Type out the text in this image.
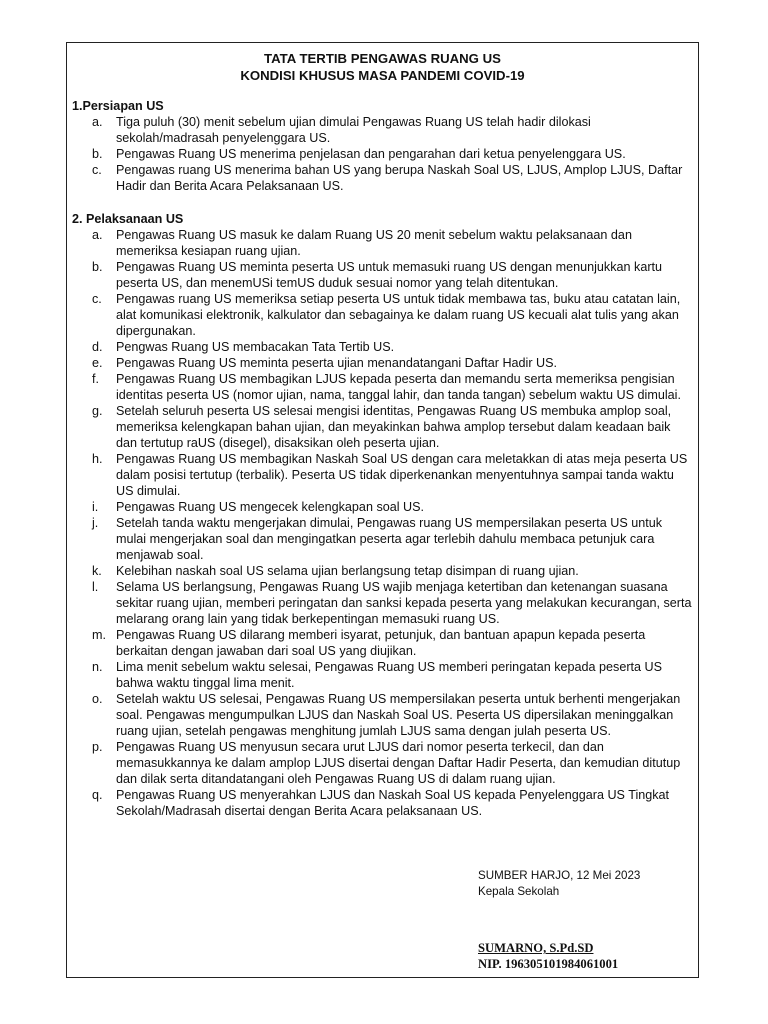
TATA TERTIB PENGAWAS RUANG US
KONDISI KHUSUS MASA PANDEMI COVID-19
1.Persiapan US
a. Tiga puluh (30) menit sebelum ujian dimulai Pengawas Ruang US telah hadir dilokasi sekolah/madrasah penyelenggara US.
b. Pengawas Ruang US menerima penjelasan dan pengarahan dari ketua penyelenggara US.
c. Pengawas ruang US menerima bahan US yang berupa Naskah Soal US, LJUS, Amplop LJUS, Daftar Hadir dan Berita Acara Pelaksanaan US.
2. Pelaksanaan US
a. Pengawas Ruang US masuk ke dalam Ruang US 20 menit sebelum waktu pelaksanaan dan memeriksa kesiapan ruang ujian.
b. Pengawas Ruang US meminta peserta US untuk memasuki ruang US dengan menunjukkan kartu peserta US, dan menemUSi temUS duduk sesuai nomor yang telah ditentukan.
c. Pengawas ruang US memeriksa setiap peserta US untuk tidak membawa tas, buku atau catatan lain, alat komunikasi elektronik, kalkulator dan sebagainya ke dalam ruang US kecuali alat tulis yang akan dipergunakan.
d. Pengwas Ruang US membacakan Tata Tertib US.
e. Pengawas Ruang US meminta peserta ujian menandatangani Daftar Hadir US.
f. Pengawas Ruang US membagikan LJUS kepada peserta dan memandu serta memeriksa pengisian identitas peserta US (nomor ujian, nama, tanggal lahir, dan tanda tangan) sebelum waktu US dimulai.
g. Setelah seluruh peserta US selesai mengisi identitas, Pengawas Ruang US membuka amplop soal, memeriksa kelengkapan bahan ujian, dan meyakinkan bahwa amplop tersebut dalam keadaan baik dan tertutup raUS (disegel), disaksikan oleh peserta ujian.
h. Pengawas Ruang US membagikan Naskah Soal US dengan cara meletakkan di atas meja peserta US dalam posisi tertutup (terbalik). Peserta US tidak diperkenankan menyentuhnya sampai tanda waktu US dimulai.
i. Pengawas Ruang US mengecek kelengkapan soal US.
j. Setelah tanda waktu mengerjakan dimulai, Pengawas ruang US mempersilakan peserta US untuk mulai mengerjakan soal dan mengingatkan peserta agar terlebih dahulu membaca petunjuk cara menjawab soal.
k. Kelebihan naskah soal US selama ujian berlangsung tetap disimpan di ruang ujian.
l. Selama US berlangsung, Pengawas Ruang US wajib menjaga ketertiban dan ketenangan suasana sekitar ruang ujian, memberi peringatan dan sanksi kepada peserta yang melakukan kecurangan, serta melarang orang lain yang tidak berkepentingan memasuki ruang US.
m. Pengawas Ruang US dilarang memberi isyarat, petunjuk, dan bantuan apapun kepada peserta berkaitan dengan jawaban dari soal US yang diujikan.
n. Lima menit sebelum waktu selesai, Pengawas Ruang US memberi peringatan kepada peserta US bahwa waktu tinggal lima menit.
o. Setelah waktu US selesai, Pengawas Ruang US mempersilakan peserta untuk berhenti mengerjakan soal. Pengawas mengumpulkan LJUS dan Naskah Soal US. Peserta US dipersilakan meninggalkan ruang ujian, setelah pengawas menghitung jumlah LJUS sama dengan julah peserta US.
p. Pengawas Ruang US menyusun secara urut LJUS dari nomor peserta terkecil, dan dan memasukkannya ke dalam amplop LJUS disertai dengan Daftar Hadir Peserta, dan kemudian ditutup dan dilak serta ditandatangani oleh Pengawas Ruang US di dalam ruang ujian.
q. Pengawas Ruang US menyerahkan LJUS dan Naskah Soal US kepada Penyelenggara US Tingkat Sekolah/Madrasah disertai dengan Berita Acara pelaksanaan US.
SUMBER HARJO, 12 Mei 2023
Kepala Sekolah
SUMARNO, S.Pd.SD
NIP. 196305101984061001
